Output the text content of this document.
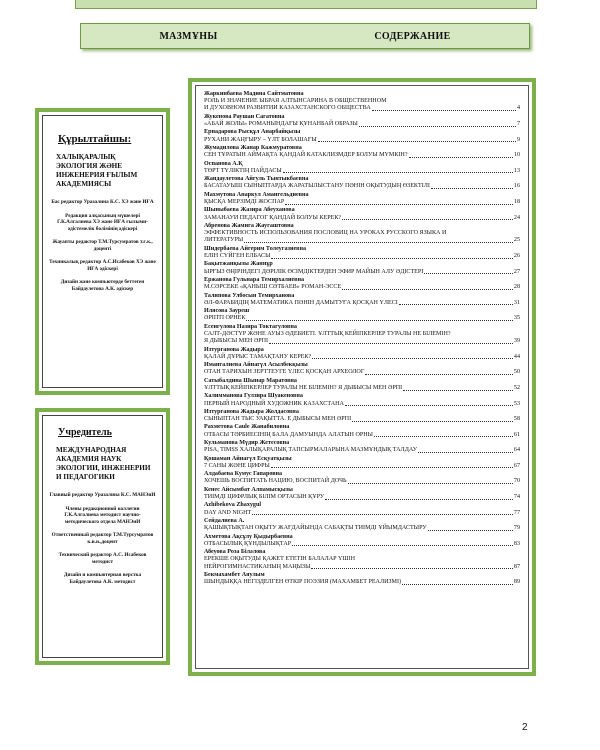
МАЗМҰНЫ	СОДЕРЖАНИЕ
Құрылтайшы:
ХАЛЫҚАРАЛЫҚ ЭКОЛОГИЯ ЖӘНЕ ИНЖЕНЕРИЯ ҒЫЛЫМ АКАДЕМИЯСЫ
Бас редактор Уразалина К.С. ХЭ және ИҒА
Редакция алқасының мүшелері Г.К.Алгалиева ХЭ және ИҒА ғылыми-әдістемелік бөлімінің әдіскері
Жауапты редактор Т.М.Турсумратов т.ғ.к., доценті
Техникалық редактор А.С.Исабеков ХЭ және ИҒА әдіскері
Дизайн және компьютерде беттеген Байдаулетова А.К. әдіскер
Учредитель
МЕЖДУНАРОДНАЯ АКАДЕМИЯ НАУК ЭКОЛОГИИ, ИНЖЕНЕРИИ И ПЕДАГОГИКИ
Главный редактор Уразалина К.С. МАНЭиИ
Члены редакционной коллегии Г.К.Алгалиева методист научно-методического отдела МАНЭиИ
Ответственный редактор Т.М.Турсумратов к.и.н.,доцент
Технический редактор А.С. Исабеков методист
Дизайн и компьютерная верстка Байдаулетова А.К. методист
Жаркинбаева Мадина Сайтматовна
РОЛЬ И ЗНАЧЕНИЕ ЫБРАЯ АЛТЫНСАРИНА В ОБЩЕСТВЕННОМ
И ДУХОВНОМ РАЗВИТИИ КАЗАХСТАНСКОГО ОБЩЕСТВА	4
Жукенова Раушан Сагатовна
«АБАЙ ЖОЛЫ» РОМАНЫНДАҒЫ ҚҰНАНБАЙ ОБРАЗЫ	7
Ернадарова Рысқұл Анарбайқызы
РУХАНИ ЖАҢҒЫРУ – ҮЛТ БОЛАШАҒЫ	9
Жумадилова Жанар Кажмуратовна
СЕН ТҰРАТЫН АЙМАҚТА ҚАНДАЙ КАТАКЛИЗМДЕР БОЛУЫ МҮМКІН?	10
Оспанова А.Қ
ТӨРТ ТҮЛІКТІҢ ПАЙДАСЫ	13
Жандаулетова Айгуль Тынтыкбаевна
БАСАТАУЫШ СЫНЫПТАРДА ЖАРАТЫЛЫСТАНУ ПӘНІН ОҚЫТУДЫҢ ӨЗЕКТІЛІ	16
Махмутова Анаркул Амангельдиевна
ҚЫСҚА МЕРЗІМДІ ЖОСПАР	18
Шыныбаева Жазира Абеуханова
ЗАМАНАУИ ПЕДАГОГ ҚАНДАЙ БОЛУЫ КЕРЕК?	24
Абренова Жамига Жаугаштовна
ЭФФЕКТИВНОСТЬ ИСПОЛЬЗОВАНИЯ ПОСЛОВИЦ НА УРОКАХ РУССКОГО ЯЗЫКА И
ЛИТЕРАТУРЫ	25
Шидербаева Айгерим Толеугазиевна
ЕЛІН СҮЙГЕН ЕЛБАСЫ	26
Бақытжанқызы Жаннұр
ЫРҒЫЗ ӨҢІРІНДЕГІ ДӘРІЛІК ӨСІМДІКТЕРДЕН ЭФИР МАЙЫН АЛУ ӘДІСТЕРІ	27
Ержанова Гульнара Темирхалиевна
М.СӘРСЕКЕ «ҚАНЫШ СӘТБАЕВ» РОМАН-ЭССЕ	28
Талипова Улбосын Темирханова
ӘЛ-ФАРАБИДІҢ МАТЕМАТИКА ПӘНІН ДАМЫТУҒА ҚОСҚАН ҮЛЕСІ	31
Илясова Зауреш
ӘРІПТІ ОРНЕК	35
Есенгулова Назира Токтагуловна
САЛТ-ДӘСТҮР ЖӘНЕ АУЫЗ ӘДЕБИЕТІ. ҰЛТТЫҚ КЕЙІПКЕРЛЕР ТУРАЛЫ НЕ БІЛЕМІН?
Я ДЫБЫСЫ МЕН ӘРПІ	39
Изтурганова Жадыра
ҚАЛАЙ ДҰРЫС ТАМАҚТАНУ КЕРЕК?	44
Имангалиева Айнагүл Асылбекқызы
ОТАН ТАРИХЫН ЗЕРТТЕУГЕ ҮЛЕС ҚОСҚАН АРХЕОЛОГ	50
Сатыбалдина Шынар Маратовна
ҰЛТТЫҚ КЕЙІПКЕРЛЕР ТУРАЛЫ НЕ БІЛЕМІН? Я ДЫБЫСЫ МЕН ӘРПІ	52
Халимманова Гулзира Шуакеновна
ПЕРВЫЙ НАРОДНЫЙ ХУДОЖНИК КАЗАХСТАНА	53
Изтурганова Жадыра Жолдасовна
СЫНЫПТАН ТЫС УАҚЫТТА. Е ДЫБЫСЫ МЕН ӘРПІ	58
Рахметова Саule Жанабиловна
ОТБАСЫ ТӘРБИЕСІНІҢ БАЛА ДАМУЫНДА АЛАТЫН ОРНЫ	61
Кульманова Мүдир Жетесовна
PISA, TIMSS ХАЛЫҚАРАЛЫҚ ТАПСЫРМАЛАРЫНА МАЗМҰНДЫҚ ТАЛДАУ	64
Қошаман Айнагүл Есқуатқызы
7 САНЫ ЖӘНЕ ЦИФРЫ	67
Алдабаева Кумус Гапаровна
ХОЧЕШЬ ВОСПИТАТЬ НАЦИЮ, ВОСПИТАЙ ДОЧЬ	70
Кенес Айсымбат Алпамысқызы
ТИІМДІ ЦИФРЛЫҚ БІЛІМ ОРТАСЫН ҚҰРУ	74
Azhibekova Zhaxygul
DAY AND NIGHT	77
Сейдалиева А.
ҚАШЫҚТЫҚТАН ОҚЫТУ ЖАҒДАЙЫНДА САБАҚТЫ ТИІМДІ ҰЙЫМДАСТЫРУ	79
Ахметова Ақсұлу Қыдырбаевна
ОТБАСЫЛЫҚ ҚҰНДЫЛЫҚТАР	83
Абеуова Роза Біләлова
ЕРЕКШЕ ОҚЫТУДЫ ҚАЖЕТ ЕТЕТІН БАЛАЛАР ҮШІН
НЕЙРОГИМНАСТИКАНЫҢ МАҢЫЗЫ	87
Бекмахамбет Аяулым
ШЫНДЫҚҚА НЕГІЗДЕЛГЕН ӨТКІР ПОЭЗИЯ (МАХАМБЕТ РЕАЛИЗМІ)	89
2
